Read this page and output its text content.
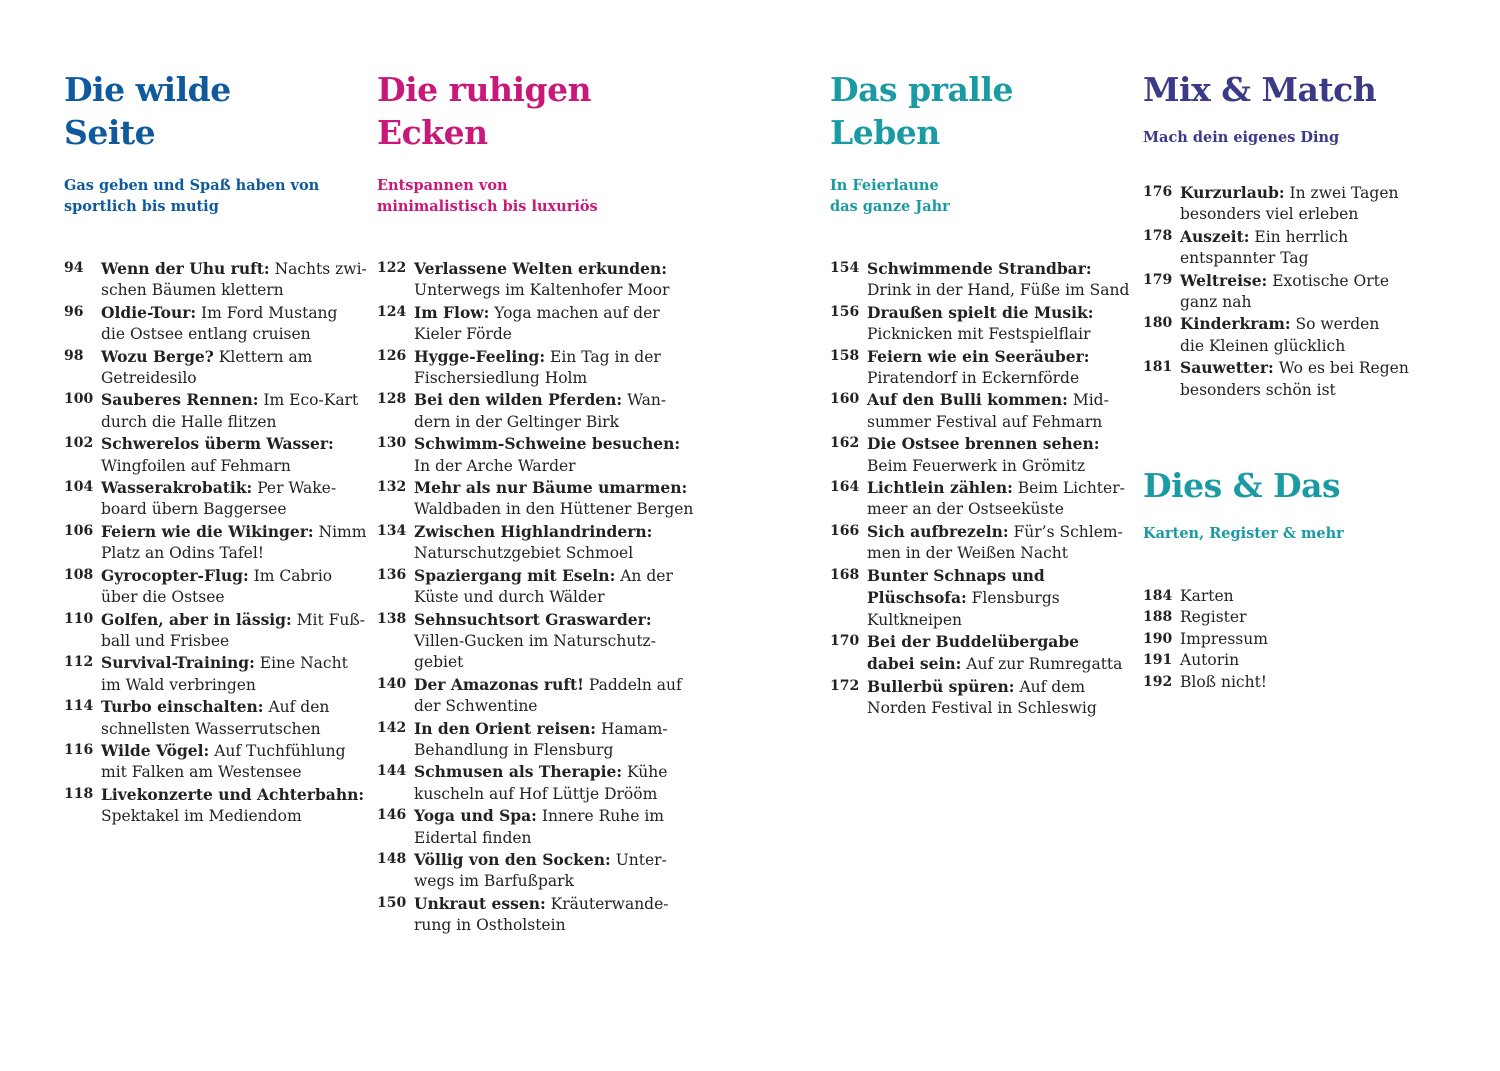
Die wilde
Seite

Gas geben und Spaß haben von
sportlich bis mutig

94 Wenn der Uhu ruft: Nachts zwi-
schen Bäumen klettern
96 Oldie-Tour: Im Ford Mustang
die Ostsee entlang cruisen
98 Wozu Berge? Klettern am
Getreidesilo
100 Sauberes Rennen: Im Eco-Kart
durch die Halle flitzen
102 Schwerelos überm Wasser:
Wingfoilen auf Fehmarn
104 Wasserakrobatik: Per Wake-
board übern Baggersee
106 Feiern wie die Wikinger: Nimm
Platz an Odins Tafel!
108 Gyrocopter-Flug: Im Cabrio
über die Ostsee
110 Golfen, aber in lässig: Mit Fuß-
ball und Frisbee
112 Survival-Training: Eine Nacht
im Wald verbringen
114 Turbo einschalten: Auf den
schnellsten Wasserrutschen
116 Wilde Vögel: Auf Tuchfühlung
mit Falken am Westensee
118 Livekonzerte und Achterbahn:
Spektakel im Mediendom
Die ruhigen
Ecken

Entspannen von
minimalistisch bis luxuriös

122 Verlassene Welten erkunden:
Unterwegs im Kaltenhofer Moor
124 Im Flow: Yoga machen auf der
Kieler Förde
126 Hygge-Feeling: Ein Tag in der
Fischersiedlung Holm
128 Bei den wilden Pferden: Wan-
dern in der Geltinger Birk
130 Schwimm-Schweine besuchen:
In der Arche Warder
132 Mehr als nur Bäume umarmen:
Waldbaden in den Hüttener Bergen
134 Zwischen Highlandrindern:
Naturschutzgebiet Schmoel
136 Spaziergang mit Eseln: An der
Küste und durch Wälder
138 Sehnsuchtsort Graswarder:
Villen-Gucken im Naturschutz-
gebiet
140 Der Amazonas ruft! Paddeln auf
der Schwentine
142 In den Orient reisen: Hamam-
Behandlung in Flensburg
144 Schmusen als Therapie: Kühe
kuscheln auf Hof Lüttje Drööm
146 Yoga und Spa: Innere Ruhe im
Eidertal finden
148 Völlig von den Socken: Unter-
wegs im Barfußpark
150 Unkraut essen: Kräuterwande-
rung in Ostholstein
Das pralle
Leben

In Feierlaune
das ganze Jahr

154 Schwimmende Strandbar:
Drink in der Hand, Füße im Sand
156 Draußen spielt die Musik:
Picknicken mit Festspielflair
158 Feiern wie ein Seeräuber:
Piratendorf in Eckernförde
160 Auf den Bulli kommen: Mid-
summer Festival auf Fehmarn
162 Die Ostsee brennen sehen:
Beim Feuerwerk in Grömitz
164 Lichtlein zählen: Beim Lichter-
meer an der Ostseeküste
166 Sich aufbrezeln: Für’s Schlem-
men in der Weißen Nacht
168 Bunter Schnaps und
Plüschsofa: Flensburgs
Kultkneipen
170 Bei der Buddelübergabe
dabei sein: Auf zur Rumregatta
172 Bullerbü spüren: Auf dem
Norden Festival in Schleswig
Mix & Match

Mach dein eigenes Ding

176 Kurzurlaub: In zwei Tagen
besonders viel erleben
178 Auszeit: Ein herrlich
entspannter Tag
179 Weltreise: Exotische Orte
ganz nah
180 Kinderkram: So werden
die Kleinen glücklich
181 Sauwetter: Wo es bei Regen
besonders schön ist
Dies & Das

Karten, Register & mehr

184 Karten
188 Register
190 Impressum
191 Autorin
192 Bloß nicht!
